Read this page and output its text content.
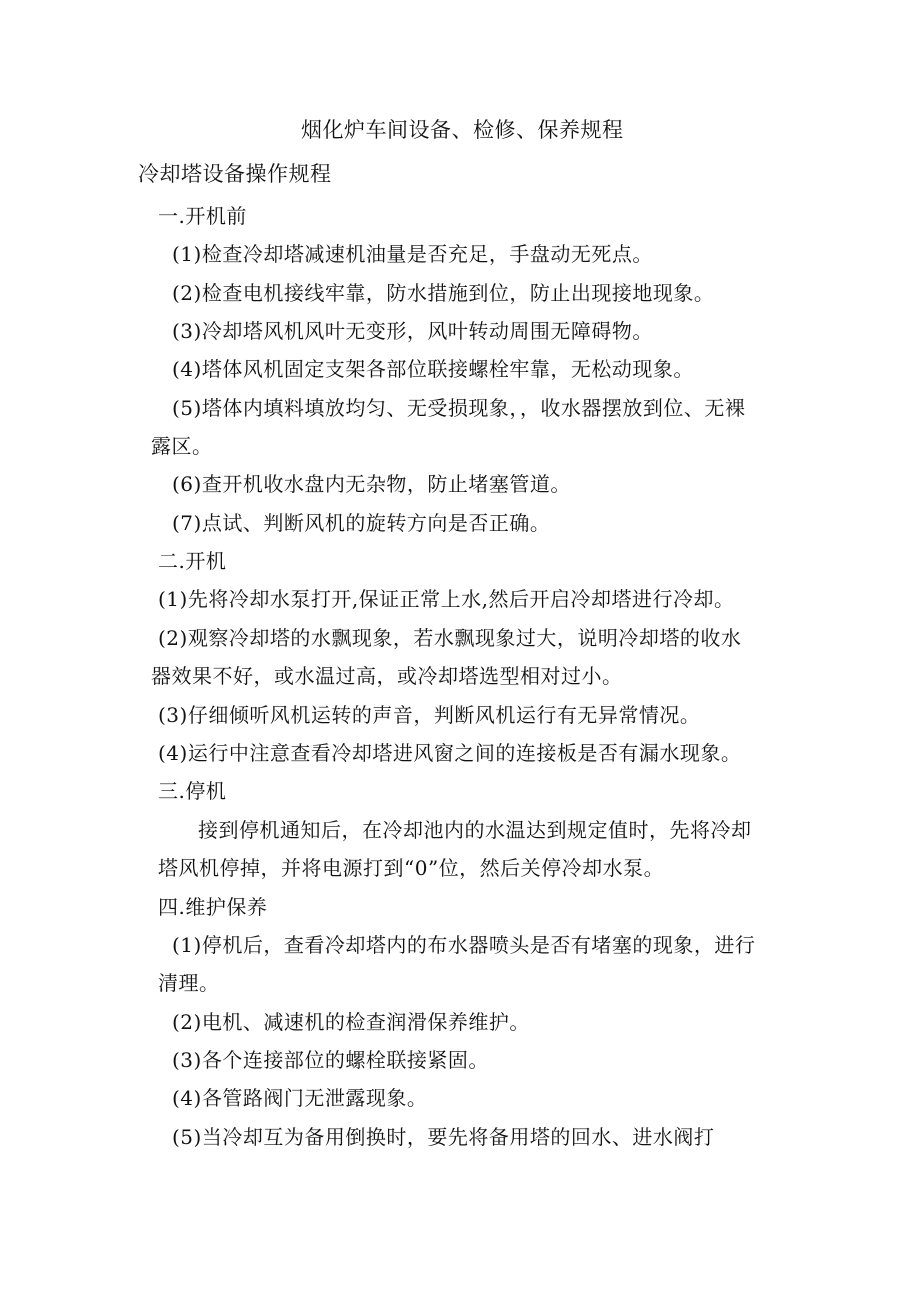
烟化炉车间设备、检修、保养规程
冷却塔设备操作规程
一.开机前
(1)检查冷却塔减速机油量是否充足，手盘动无死点。
(2)检查电机接线牢靠，防水措施到位，防止出现接地现象。
(3)冷却塔风机风叶无变形，风叶转动周围无障碍物。
(4)塔体风机固定支架各部位联接螺栓牢靠，无松动现象。
(5)塔体内填料填放均匀、无受损现象，，收水器摆放到位、无裸
露区。
(6)查开机收水盘内无杂物，防止堵塞管道。
(7)点试、判断风机的旋转方向是否正确。
二.开机
(1)先将冷却水泵打开,保证正常上水,然后开启冷却塔进行冷却。
(2)观察冷却塔的水飘现象，若水飘现象过大，说明冷却塔的收水
器效果不好，或水温过高，或冷却塔选型相对过小。
(3)仔细倾听风机运转的声音，判断风机运行有无异常情况。
(4)运行中注意查看冷却塔进风窗之间的连接板是否有漏水现象。
三.停机
接到停机通知后，在冷却池内的水温达到规定值时，先将冷却
塔风机停掉，并将电源打到“0”位，然后关停冷却水泵。
四.维护保养
(1)停机后，查看冷却塔内的布水器喷头是否有堵塞的现象，进行
清理。
(2)电机、减速机的检查润滑保养维护。
(3)各个连接部位的螺栓联接紧固。
(4)各管路阀门无泄露现象。
(5)当冷却互为备用倒换时，要先将备用塔的回水、进水阀打
